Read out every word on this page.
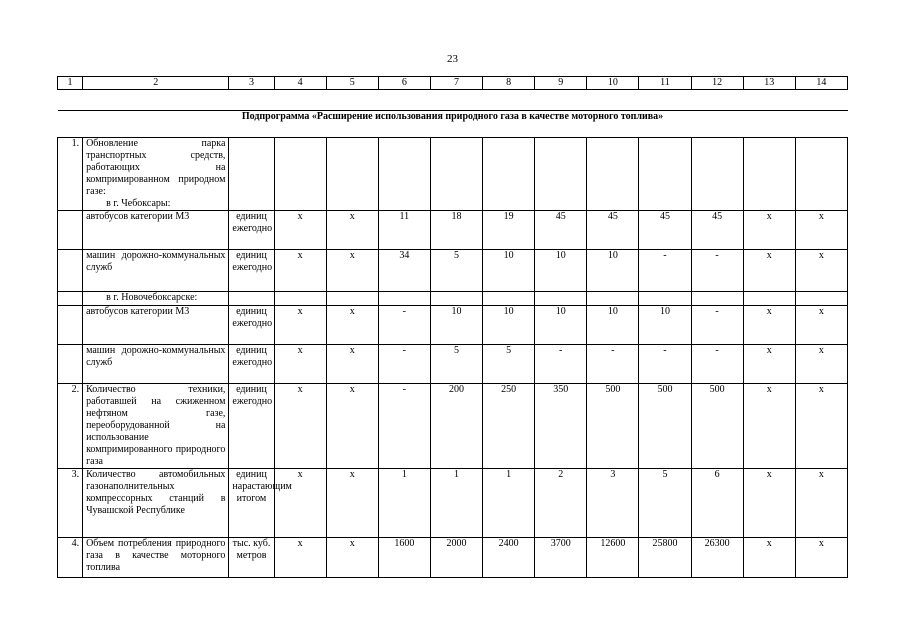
23
1	2	3	4	5	6	7	8	9	10	11	12	13	14

Подпрограмма «Расширение использования природного газа в качестве моторного топлива»													
1.	Обновление парка транспортных средств, работающих на компримированном природном газе:
в г. Чебоксары:												
	автобусов категории М3	единиц ежегодно	x	x	11	18	19	45	45	45	45	x	x
	машин дорожно-коммунальных служб	единиц ежегодно	x	x	34	5	10	10	10	-	-	x	x
	в г. Новочебоксарске:												
	автобусов категории М3	единиц ежегодно	x	x	-	10	10	10	10	10	-	x	x
	машин дорожно-коммунальных служб	единиц ежегодно	x	x	-	5	5	-	-	-	-	x	x
2.	Количество техники, работавшей на сжиженном нефтяном газе, переоборудованной на использование компримированного природного газа	единиц ежегодно	x	x	-	200	250	350	500	500	500	x	x
3.	Количество автомобильных газонаполнительных компрессорных станций в Чувашской Республике	единиц нарастающим итогом	x	x	1	1	1	2	3	5	6	x	x
4.	Объем потребления природного газа в качестве моторного топлива	тыс. куб. метров	x	x	1600	2000	2400	3700	12600	25800	26300	x	x
